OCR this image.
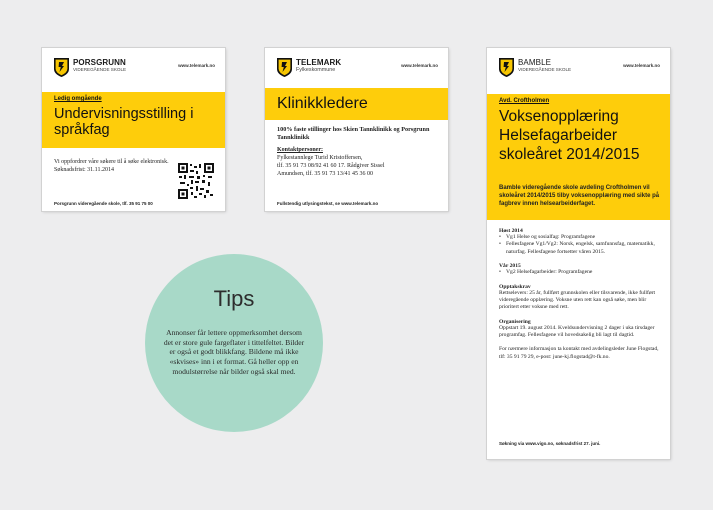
PORSGRUNN
VIDEREGÅENDE SKOLE
www.telemark.no
Ledig omgående
Undervisningsstilling i språkfag
Vi oppfordrer våre søkere til å søke elektronisk. Søknadsfrist: 31.11.2014
Porsgrunn videregående skole, tlf. 35 91 75 00
TELEMARK
Fylkeskommune
www.telemark.no
Klinikkledere
100% faste stillinger hos Skien Tannklinikk og Porsgrunn Tannklinikk
Kontaktpersoner:
Fylkestannlege Turid Kristoffersen,
tlf. 35 91 73 08/92 41 60 17. Rådgiver Sissel
Amundsen, tlf. 35 91 73 13/41 45 36 00
Fullstendig utlysingstekst, se www.telemark.no
BAMBLE
VIDEREGÅENDE SKOLE
www.telemark.no
Avd. Croftholmen
Voksenopplæring Helsefagarbeider skoleåret 2014/2015
Bamble videregående skole avdeling Croftholmen vil skoleåret 2014/2015 tilby voksenopplæring med sikte på fagbrev innen helsearbeiderfaget.
Høst 2014
• Vg1 Helse og sosialfag: Programfagene
• Fellesfagene Vg1/Vg2: Norsk, engelsk, samfunnsfag, matematikk, naturfag. Fellesfagene fortsetter våren 2015.
Vår 2015
• Vg2 Helsefagarbeider: Programfagene
Opptakskrav
Rettselevers: 25 år, fullført grunnskolen eller tilsvarende, ikke fullført videregående opplæring. Voksne uten rett kan også søke, men blir prioritert etter voksne med rett.
Organisering
Oppstart 19. august 2014. Kveldsundervisning 2 dager i uka tirsdager programfag. Fellesfagene vil hovedsakelig bli lagt til dagtid.
For nærmere informasjon ta kontakt med avdelingsleder June Flogstad, tlf: 35 91 79 29, e-post: june-kj.flogstad@t-fk.no.
Søkning via www.vigo.no, søknadsfrist 27. juni.
Tips
Annonser får lettere oppmerksomhet dersom det er store gule fargeflater i tittelfeltet. Bilder er også et godt blikkfang. Bildene må ikke «skvises» inn i et format. Gå heller opp en modulstørrelse når bilder også skal med.
